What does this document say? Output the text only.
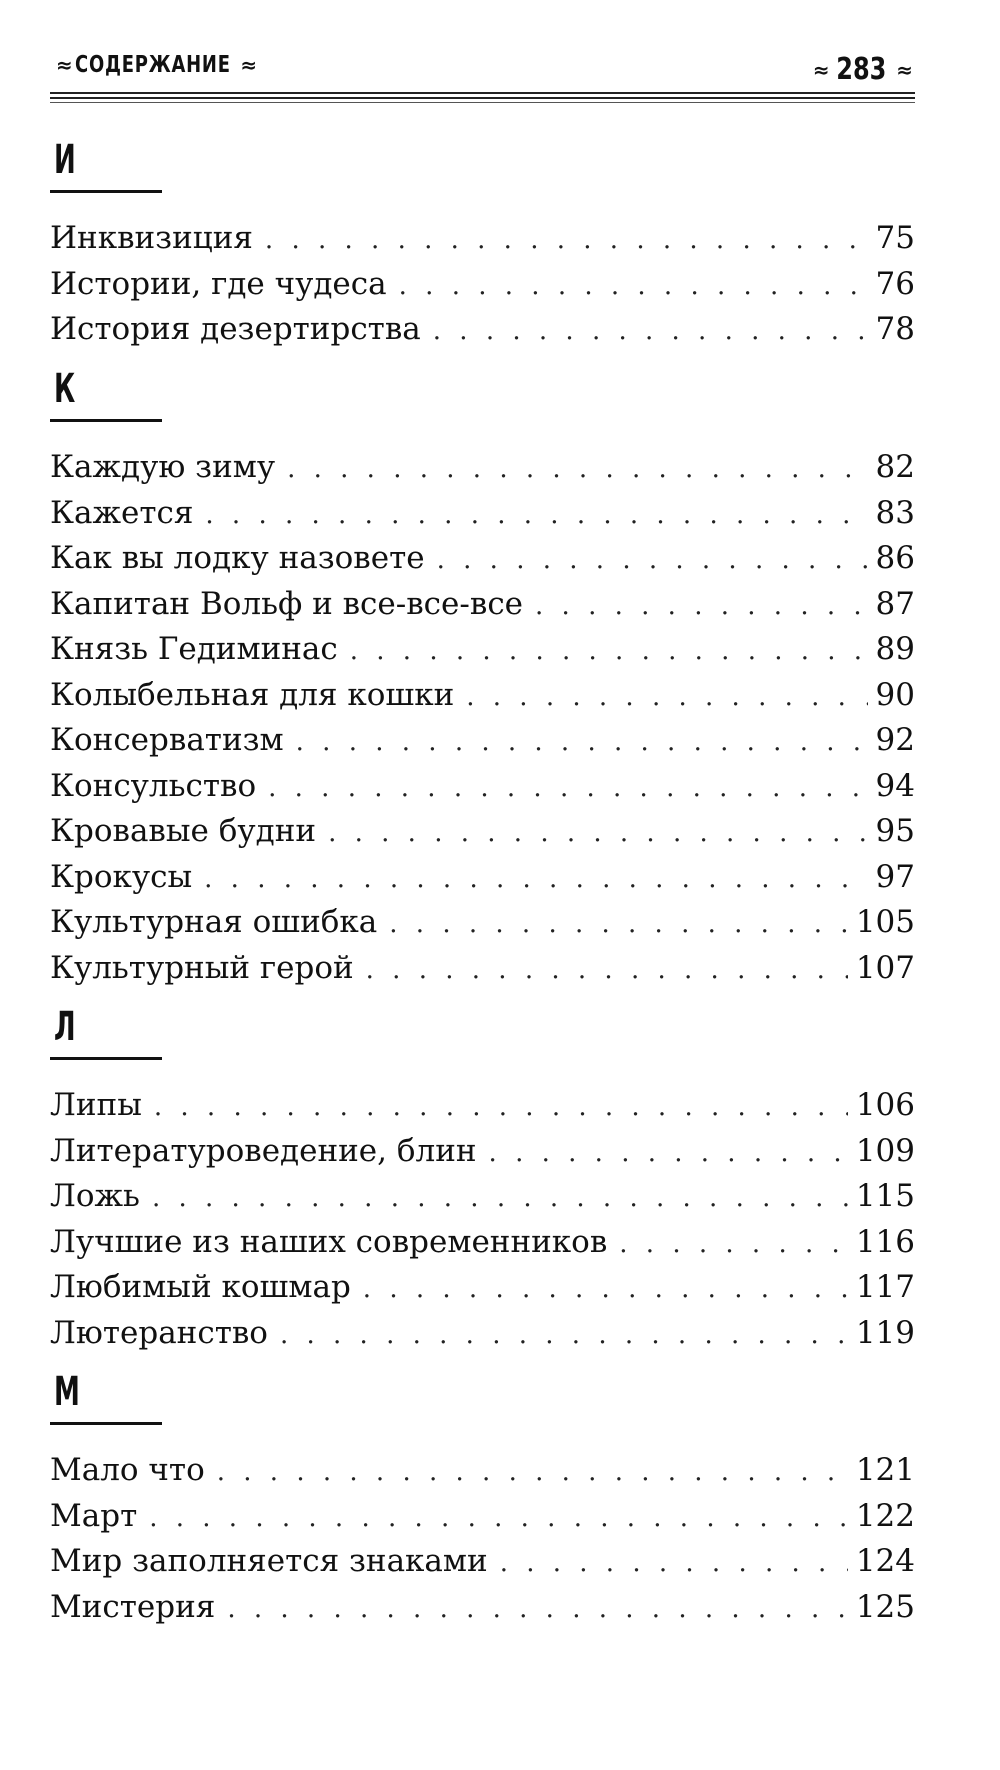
≈ СОДЕРЖАНИЕ ≈	≈ 283 ≈
И
Инквизиция . . .	75
Истории, где чудеса . . .	76
История дезертирства . . .	78
К
Каждую зиму . . .	82
Кажется . . .	83
Как вы лодку назовете . . .	86
Капитан Вольф и все-все-все . . .	87
Князь Гедиминас . . .	89
Колыбельная для кошки . . .	90
Консерватизм . . .	92
Консульство . . .	94
Кровавые будни . . .	95
Крокусы . . .	97
Культурная ошибка . . .	105
Культурный герой . . .	107
Л
Липы . . .	106
Литературоведение, блин . . .	109
Ложь . . .	115
Лучшие из наших современников . . .	116
Любимый кошмар . . .	117
Лютеранство . . .	119
М
Мало что . . .	121
Март . . .	122
Мир заполняется знаками . . .	124
Мистерия . . .	125
